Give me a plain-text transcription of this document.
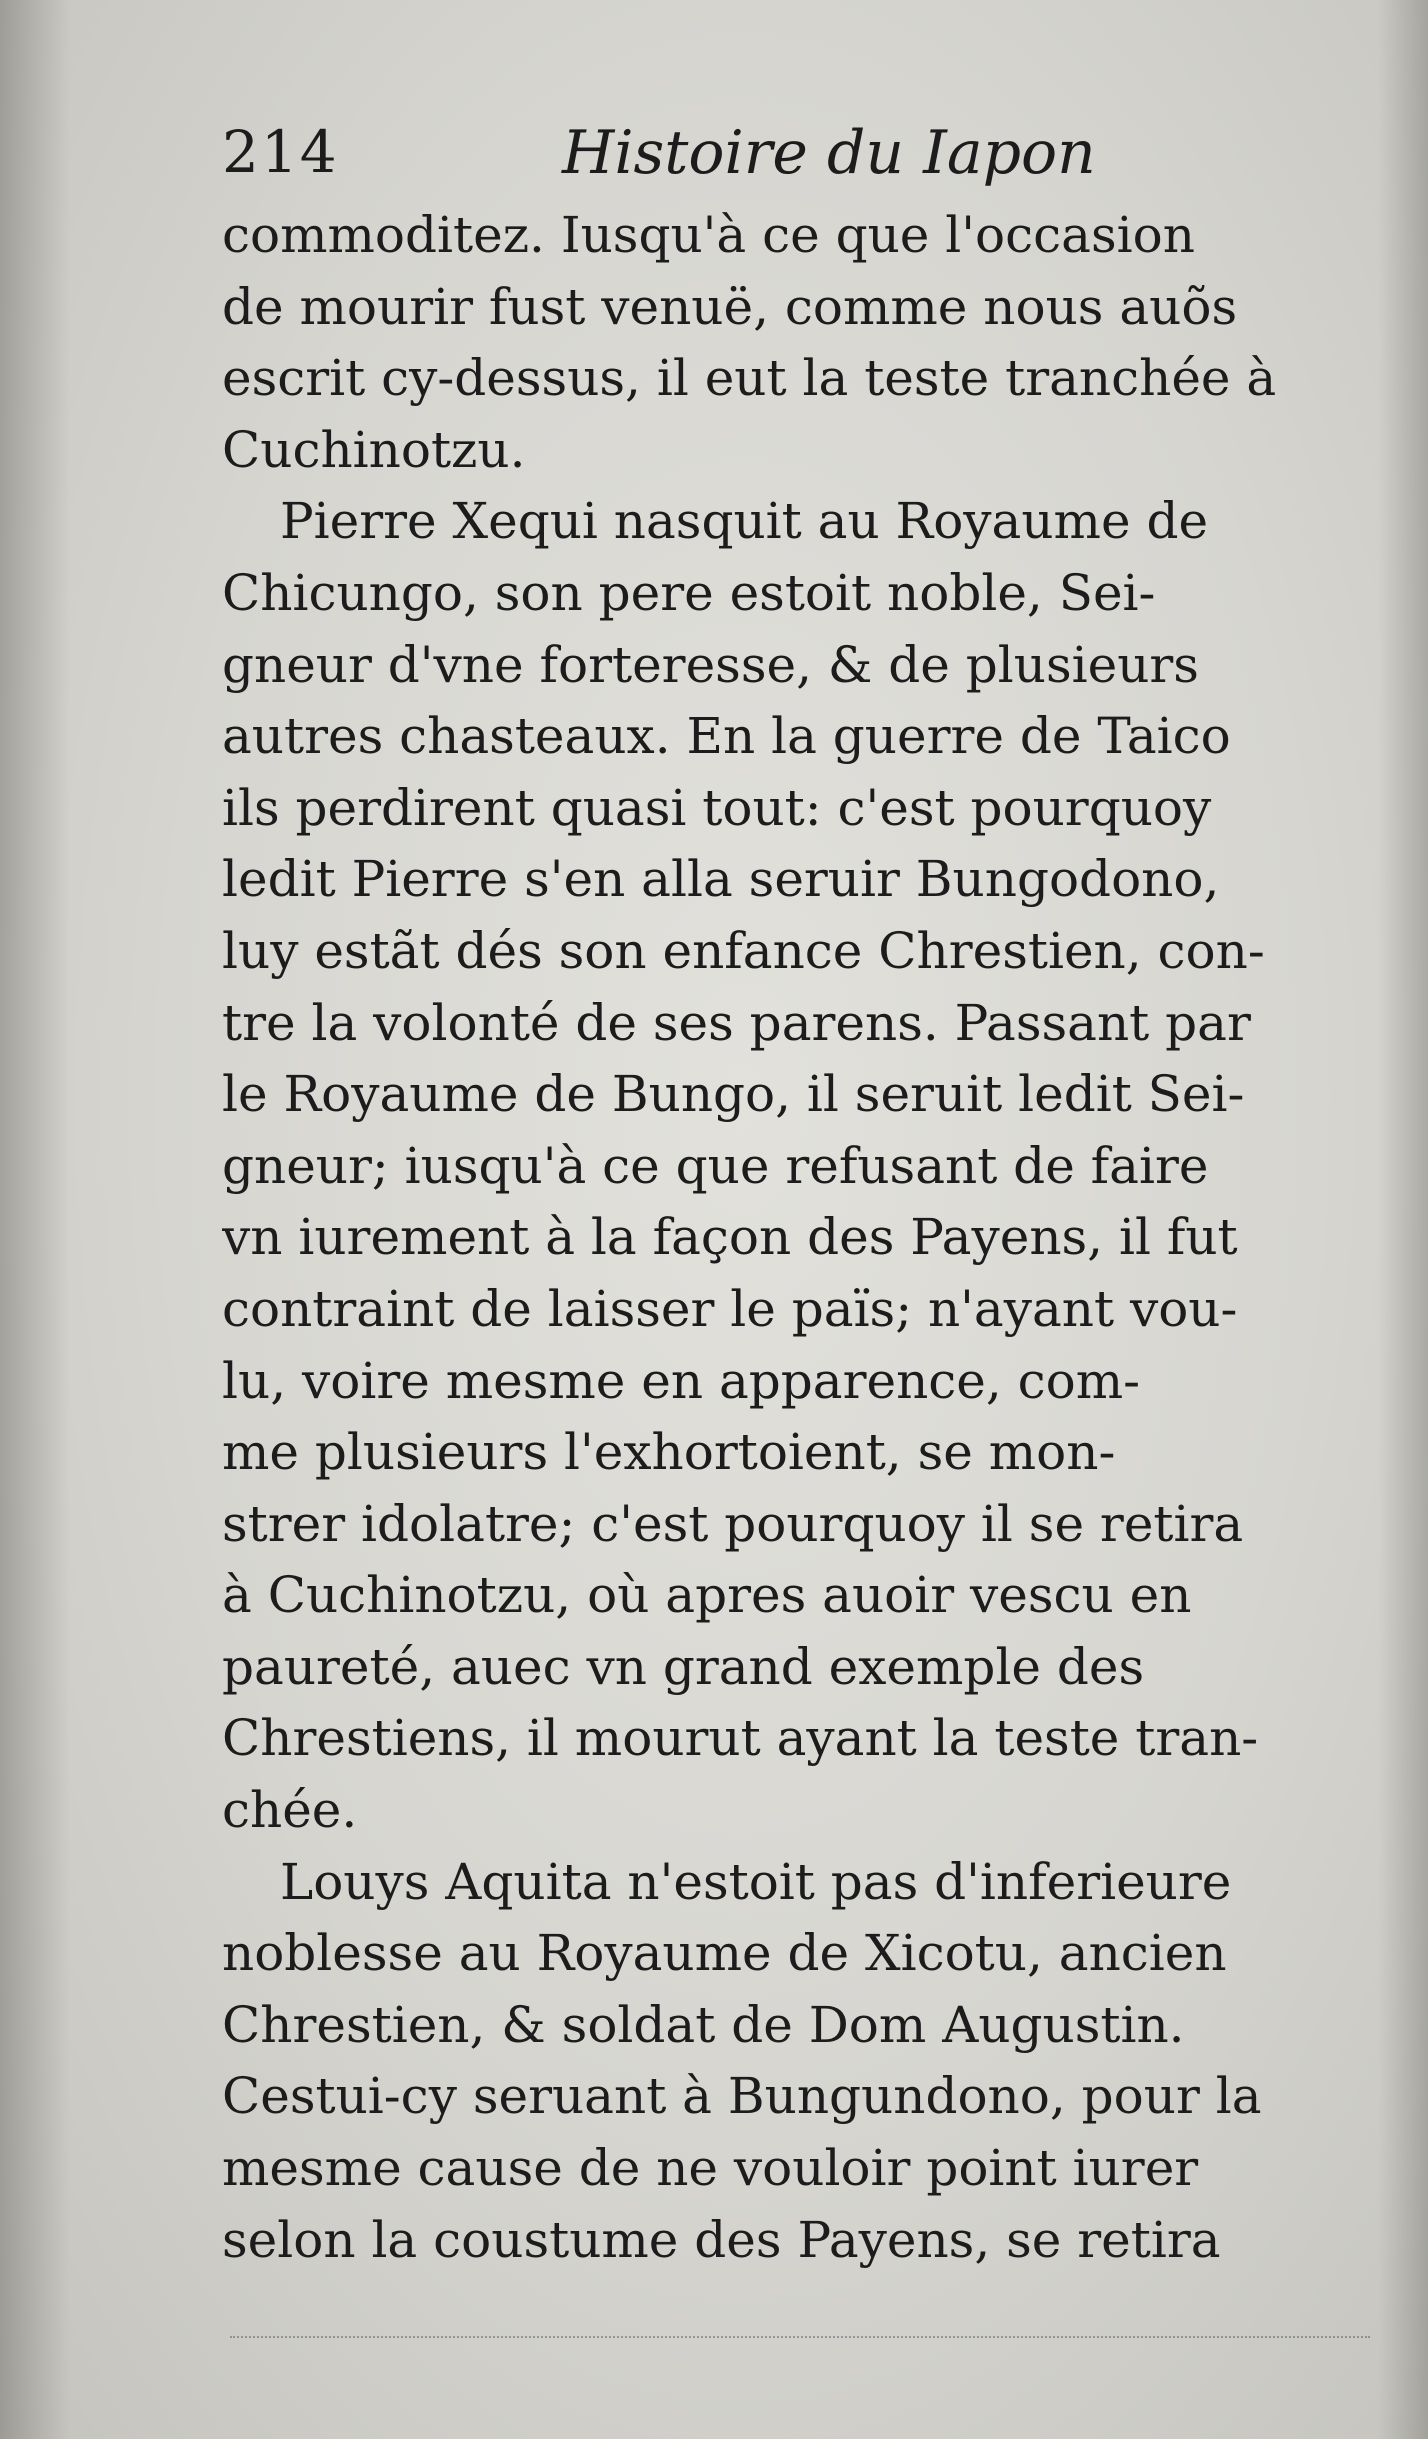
214	Histoire du Iapon
commoditez. Iusqu'à ce que l'occasion
de mourir fust venuë, comme nous auõs
escrit cy-dessus, il eut la teste tranchée à
Cuchinotzu.
Pierre Xequi nasquit au Royaume de
Chicungo, son pere estoit noble, Sei-
gneur d'vne forteresse, & de plusieurs
autres chasteaux. En la guerre de Taico
ils perdirent quasi tout: c'est pourquoy
ledit Pierre s'en alla seruir Bungodono,
luy estãt dés son enfance Chrestien, con-
tre la volonté de ses parens. Passant par
le Royaume de Bungo, il seruit ledit Sei-
gneur; iusqu'à ce que refusant de faire
vn iurement à la façon des Payens, il fut
contraint de laisser le païs; n'ayant vou-
lu, voire mesme en apparence, com-
me plusieurs l'exhortoient, se mon-
strer idolatre; c'est pourquoy il se retira
à Cuchinotzu, où apres auoir vescu en
paureté, auec vn grand exemple des
Chrestiens, il mourut ayant la teste tran-
chée.
Louys Aquita n'estoit pas d'inferieure
noblesse au Royaume de Xicotu, ancien
Chrestien, & soldat de Dom Augustin.
Cestui-cy seruant à Bungundono, pour la
mesme cause de ne vouloir point iurer
selon la coustume des Payens, se retira
